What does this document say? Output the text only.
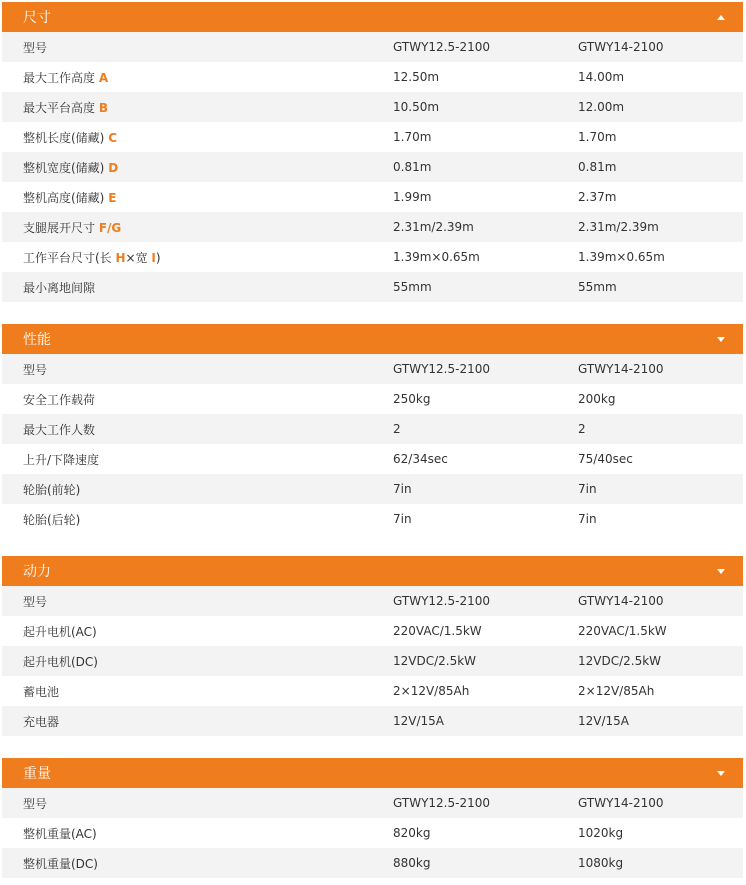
尺寸
型号	GTWY12.5-2100	GTWY14-2100
最大工作高度 A	12.50m	14.00m
最大平台高度 B	10.50m	12.00m
整机长度(储藏) C	1.70m	1.70m
整机宽度(储藏) D	0.81m	0.81m
整机高度(储藏) E	1.99m	2.37m
支腿展开尺寸 F/G	2.31m/2.39m	2.31m/2.39m
工作平台尺寸(长 H×宽 I)	1.39m×0.65m	1.39m×0.65m
最小离地间隙	55mm	55mm
性能
型号	GTWY12.5-2100	GTWY14-2100
安全工作载荷	250kg	200kg
最大工作人数	2	2
上升/下降速度	62/34sec	75/40sec
轮胎(前轮)	7in	7in
轮胎(后轮)	7in	7in
动力
型号	GTWY12.5-2100	GTWY14-2100
起升电机(AC)	220VAC/1.5kW	220VAC/1.5kW
起升电机(DC)	12VDC/2.5kW	12VDC/2.5kW
蓄电池	2×12V/85Ah	2×12V/85Ah
充电器	12V/15A	12V/15A
重量
型号	GTWY12.5-2100	GTWY14-2100
整机重量(AC)	820kg	1020kg
整机重量(DC)	880kg	1080kg
